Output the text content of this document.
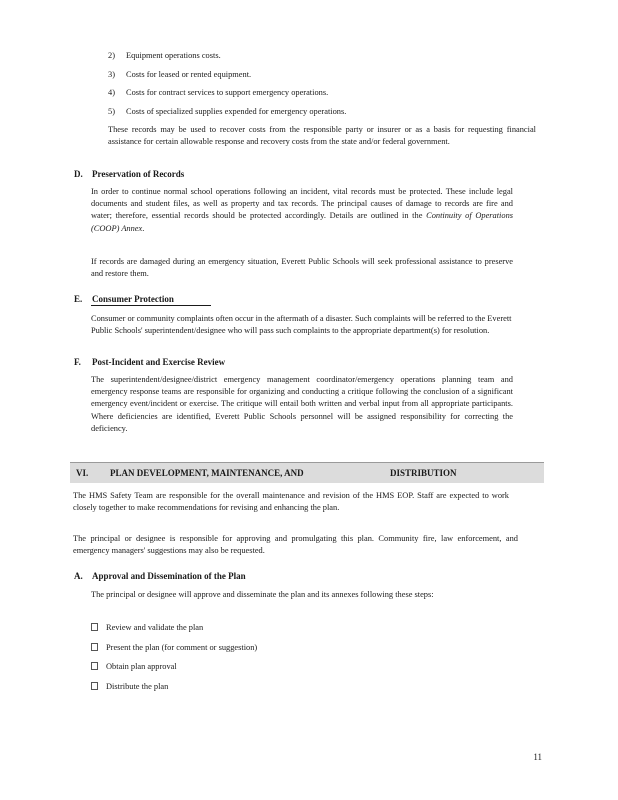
2) Equipment operations costs.
3) Costs for leased or rented equipment.
4) Costs for contract services to support emergency operations.
5) Costs of specialized supplies expended for emergency operations.
These records may be used to recover costs from the responsible party or insurer or as a basis for requesting financial assistance for certain allowable response and recovery costs from the state and/or federal government.
D. Preservation of Records
In order to continue normal school operations following an incident, vital records must be protected. These include legal documents and student files, as well as property and tax records. The principal causes of damage to records are fire and water; therefore, essential records should be protected accordingly. Details are outlined in the Continuity of Operations (COOP) Annex.
If records are damaged during an emergency situation, Everett Public Schools will seek professional assistance to preserve and restore them.
E. Consumer Protection
Consumer or community complaints often occur in the aftermath of a disaster. Such complaints will be referred to the Everett Public Schools' superintendent/designee who will pass such complaints to the appropriate department(s) for resolution.
F. Post-Incident and Exercise Review
The superintendent/designee/district emergency management coordinator/emergency operations planning team and emergency response teams are responsible for organizing and conducting a critique following the conclusion of a significant emergency event/incident or exercise. The critique will entail both written and verbal input from all appropriate participants. Where deficiencies are identified, Everett Public Schools personnel will be assigned responsibility for correcting the deficiency.
VI. PLAN DEVELOPMENT, MAINTENANCE, AND	DISTRIBUTION
The HMS Safety Team are responsible for the overall maintenance and revision of the HMS EOP. Staff are expected to work closely together to make recommendations for revising and enhancing the plan.
The principal or designee is responsible for approving and promulgating this plan. Community fire, law enforcement, and emergency managers' suggestions may also be requested.
A. Approval and Dissemination of the Plan
The principal or designee will approve and disseminate the plan and its annexes following these steps:
Review and validate the plan
Present the plan (for comment or suggestion)
Obtain plan approval
Distribute the plan
11
